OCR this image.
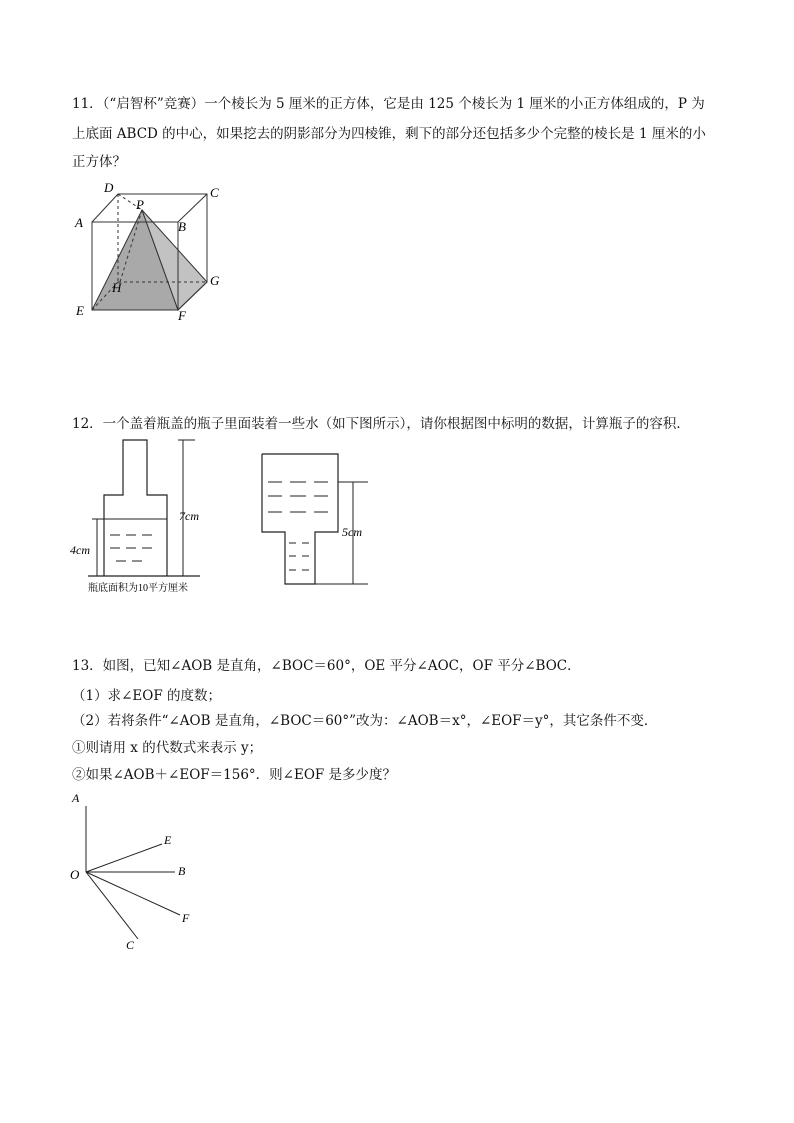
11．（“启智杯”竞赛）一个棱长为 5 厘米的正方体，它是由 125 个棱长为 1 厘米的小正方体组成的，P 为
上底面 ABCD 的中心，如果挖去的阴影部分为四棱锥，剩下的部分还包括多少个完整的棱长是 1 厘米的小
正方体？
D	C
A
P
B
G
H
E	F
12．一个盖着瓶盖的瓶子里面装着一些水（如下图所示），请你根据图中标明的数据，计算瓶子的容积．
7cm
4cm
瓶底面积为10平方厘米
5cm
13．如图，已知∠AOB 是直角，∠BOC＝60°，OE 平分∠AOC，OF 平分∠BOC．
（1）求∠EOF 的度数；
（2）若将条件“∠AOB 是直角，∠BOC＝60°”改为：∠AOB＝x°，∠EOF＝y°，其它条件不变．
①则请用 x 的代数式来表示 y；
②如果∠AOB＋∠EOF＝156°．则∠EOF 是多少度？
A
E
O	B
F
C
